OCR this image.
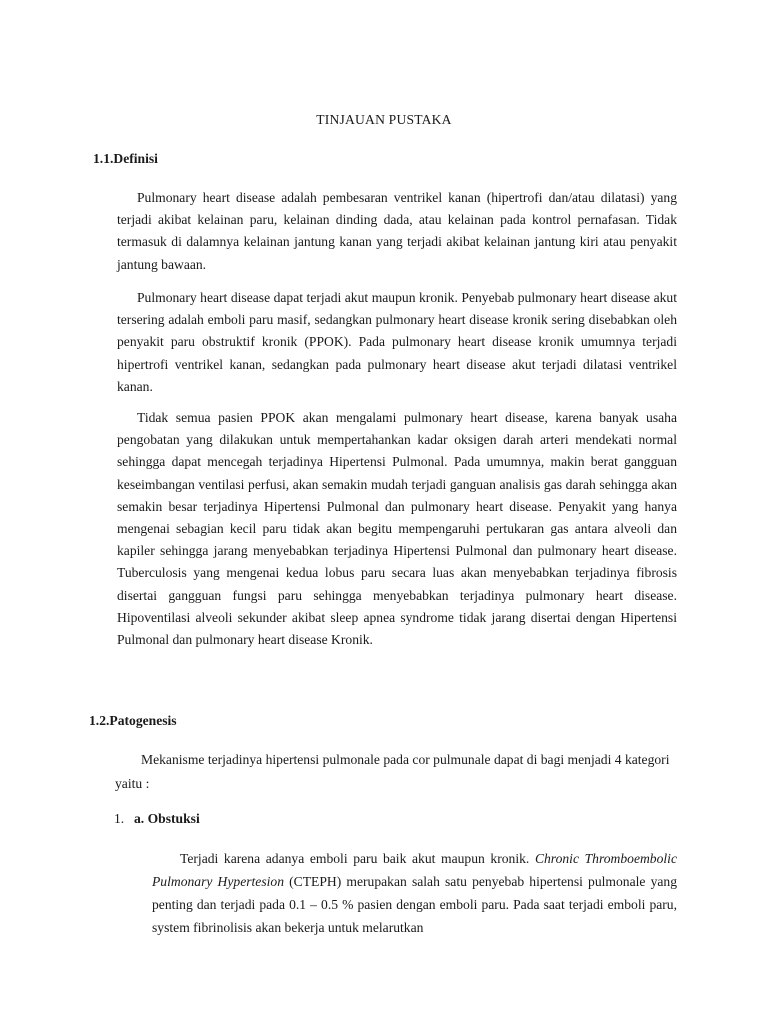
TINJAUAN PUSTAKA
1.1.Definisi

Pulmonary heart disease adalah pembesaran ventrikel kanan (hipertrofi dan/atau dilatasi) yang terjadi akibat kelainan paru, kelainan dinding dada, atau kelainan pada kontrol pernafasan. Tidak termasuk di dalamnya kelainan jantung kanan yang terjadi akibat kelainan jantung kiri atau penyakit jantung bawaan.

Pulmonary heart disease dapat terjadi akut maupun kronik. Penyebab pulmonary heart disease akut tersering adalah emboli paru masif, sedangkan pulmonary heart disease kronik sering disebabkan oleh penyakit paru obstruktif kronik (PPOK). Pada pulmonary heart disease kronik umumnya terjadi hipertrofi ventrikel kanan, sedangkan pada pulmonary heart disease akut terjadi dilatasi ventrikel kanan.

Tidak semua pasien PPOK akan mengalami pulmonary heart disease, karena banyak usaha pengobatan yang dilakukan untuk mempertahankan kadar oksigen darah arteri mendekati normal sehingga dapat mencegah terjadinya Hipertensi Pulmonal. Pada umumnya, makin berat gangguan keseimbangan ventilasi perfusi, akan semakin mudah terjadi ganguan analisis gas darah sehingga akan semakin besar terjadinya Hipertensi Pulmonal dan pulmonary heart disease. Penyakit yang hanya mengenai sebagian kecil paru tidak akan begitu mempengaruhi pertukaran gas antara alveoli dan kapiler sehingga jarang menyebabkan terjadinya Hipertensi Pulmonal dan pulmonary heart disease. Tuberculosis yang mengenai kedua lobus paru secara luas akan menyebabkan terjadinya fibrosis disertai gangguan fungsi paru sehingga menyebabkan terjadinya pulmonary heart disease. Hipoventilasi alveoli sekunder akibat sleep apnea syndrome tidak jarang disertai dengan Hipertensi Pulmonal dan pulmonary heart disease Kronik.

1.2.Patogenesis

Mekanisme terjadinya hipertensi pulmonale pada cor pulmunale dapat di bagi menjadi 4 kategori yaitu :

1. a. Obstuksi

Terjadi karena adanya emboli paru baik akut maupun kronik. Chronic Thromboembolic Pulmonary Hypertesion (CTEPH) merupakan salah satu penyebab hipertensi pulmonale yang penting dan terjadi pada 0.1 – 0.5 % pasien dengan emboli paru. Pada saat terjadi emboli paru, system fibrinolisis akan bekerja untuk melarutkan
